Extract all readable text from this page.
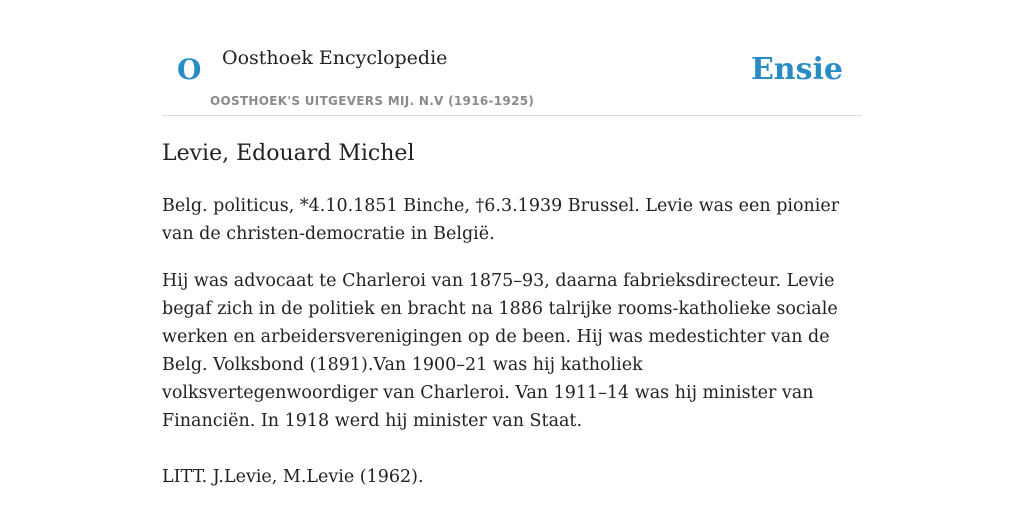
O Oosthoek Encyclopedie
OOSTHOEK'S UITGEVERS MIJ. N.V (1916-1925)
Ensie
Levie, Edouard Michel

Belg. politicus, *4.10.1851 Binche, †6.3.1939 Brussel. Levie was een pionier van de christen-democratie in België.

Hij was advocaat te Charleroi van 1875–93, daarna fabrieksdirecteur. Levie begaf zich in de politiek en bracht na 1886 talrijke rooms-katholieke sociale werken en arbeidersverenigingen op de been. Hij was medestichter van de Belg. Volksbond (1891).Van 1900–21 was hij katholiek volksvertegenwoordiger van Charleroi. Van 1911–14 was hij minister van Financiën. In 1918 werd hij minister van Staat.

LITT. J.Levie, M.Levie (1962).
